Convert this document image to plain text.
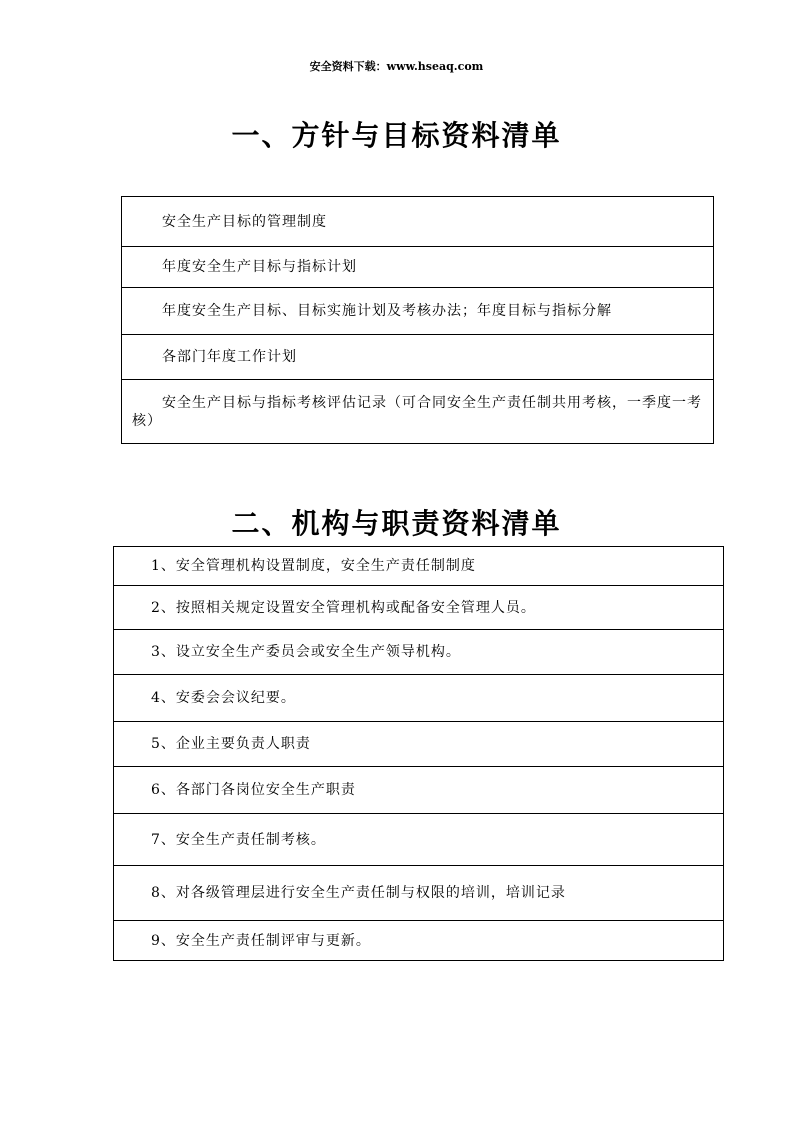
安全资料下载：www.hseaq.com
一、方针与目标资料清单
安全生产目标的管理制度
年度安全生产目标与指标计划
年度安全生产目标、目标实施计划及考核办法；年度目标与指标分解
各部门年度工作计划
安全生产目标与指标考核评估记录（可合同安全生产责任制共用考核，一季度一考核）
二、机构与职责资料清单
1、安全管理机构设置制度，安全生产责任制制度
2、按照相关规定设置安全管理机构或配备安全管理人员。
3、设立安全生产委员会或安全生产领导机构。
4、安委会会议纪要。
5、企业主要负责人职责
6、各部门各岗位安全生产职责
7、安全生产责任制考核。
8、对各级管理层进行安全生产责任制与权限的培训，培训记录
9、安全生产责任制评审与更新。
